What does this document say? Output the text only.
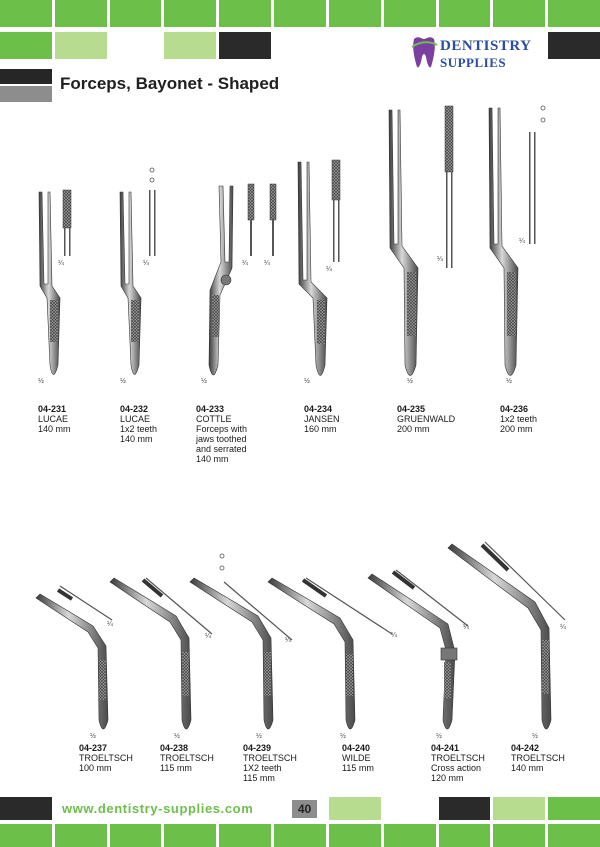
DENTISTRY
SUPPLIES
Forceps, Bayonet - Shaped
½
¼
½
¼
½
¼ ¼
½
¼
½
¼
½
¼
½
¼
½
¼
½
¼
½
¼
½
¼
½
¼
04-231
LUCAE
140 mm
04-232
LUCAE
1x2 teeth
140 mm
04-233
COTTLE
Forceps with
jaws toothed
and serrated
140 mm
04-234
JANSEN
160 mm
04-235
GRUENWALD
200 mm
04-236
1x2 teeth
200 mm
04-237
TROELTSCH
100 mm
04-238
TROELTSCH
115 mm
04-239
TROELTSCH
1X2 teeth
115 mm
04-240
WILDE
115 mm
04-241
TROELTSCH
Cross action
120 mm
04-242
TROELTSCH
140 mm
www.dentistry-supplies.com	40
